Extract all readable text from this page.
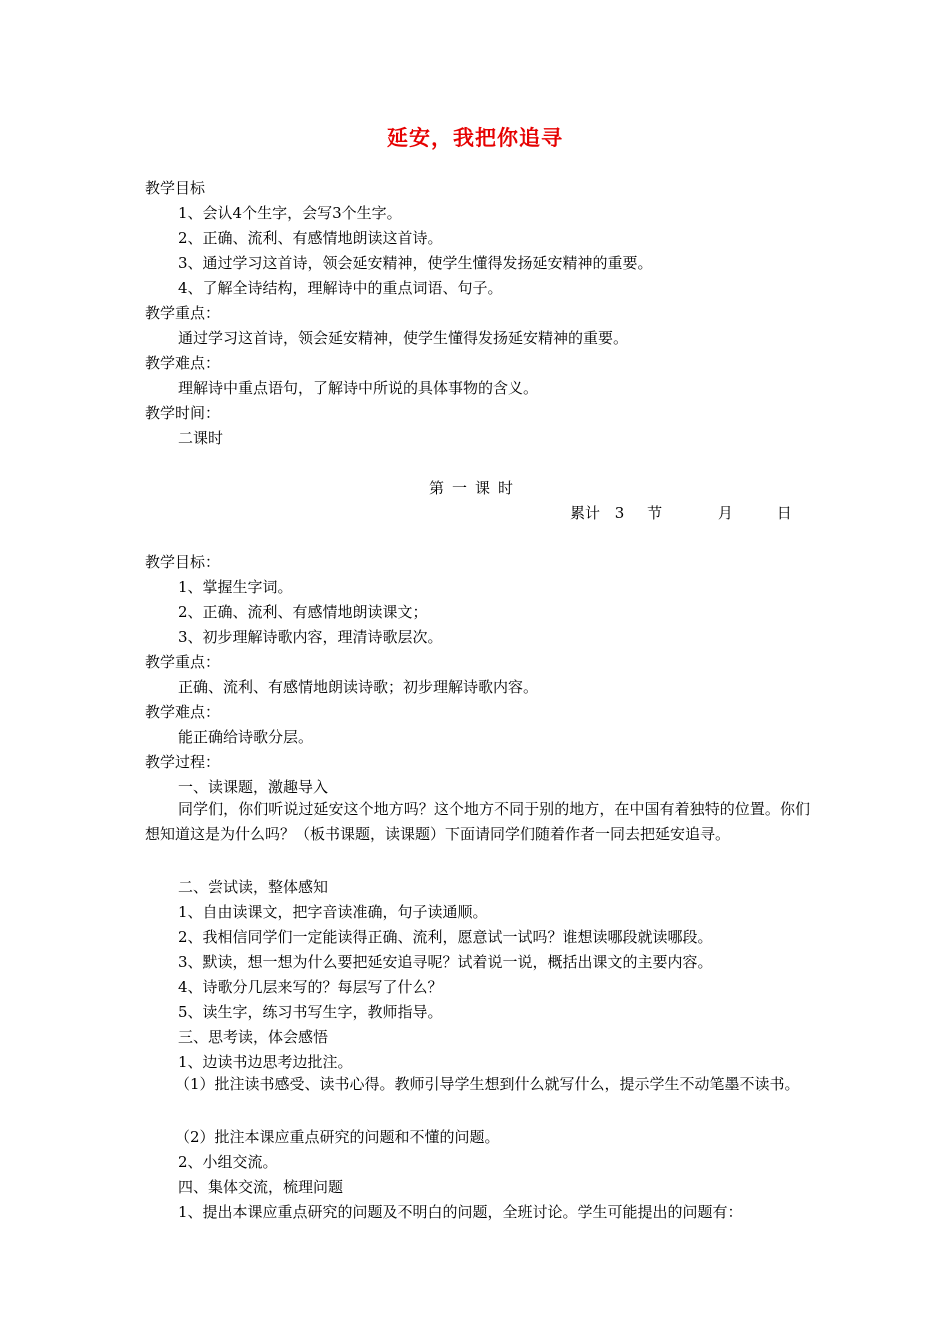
延安，我把你追寻
教学目标
1、会认4个生字，会写3个生字。
2、正确、流利、有感情地朗读这首诗。
3、通过学习这首诗，领会延安精神，使学生懂得发扬延安精神的重要。
4、了解全诗结构，理解诗中的重点词语、句子。
教学重点：
通过学习这首诗，领会延安精神，使学生懂得发扬延安精神的重要。
教学难点：
理解诗中重点语句，了解诗中所说的具体事物的含义。
教学时间：
二课时
第一课时
累计 3 节	月	日
教学目标：
1、掌握生字词。
2、正确、流利、有感情地朗读课文；
3、初步理解诗歌内容，理清诗歌层次。
教学重点：
正确、流利、有感情地朗读诗歌；初步理解诗歌内容。
教学难点：
能正确给诗歌分层。
教学过程：
一、读课题，激趣导入
同学们，你们听说过延安这个地方吗？这个地方不同于别的地方，在中国有着独特的位置。你们想知道这是为什么吗？（板书课题，读课题）下面请同学们随着作者一同去把延安追寻。
二、尝试读，整体感知
1、自由读课文，把字音读准确，句子读通顺。
2、我相信同学们一定能读得正确、流利，愿意试一试吗？谁想读哪段就读哪段。
3、默读，想一想为什么要把延安追寻呢？试着说一说，概括出课文的主要内容。
4、诗歌分几层来写的？每层写了什么？
5、读生字，练习书写生字，教师指导。
三、思考读，体会感悟
1、边读书边思考边批注。
（1）批注读书感受、读书心得。教师引导学生想到什么就写什么，提示学生不动笔墨不读书。
（2）批注本课应重点研究的问题和不懂的问题。
2、小组交流。
四、集体交流，梳理问题
1、提出本课应重点研究的问题及不明白的问题，全班讨论。学生可能提出的问题有：
